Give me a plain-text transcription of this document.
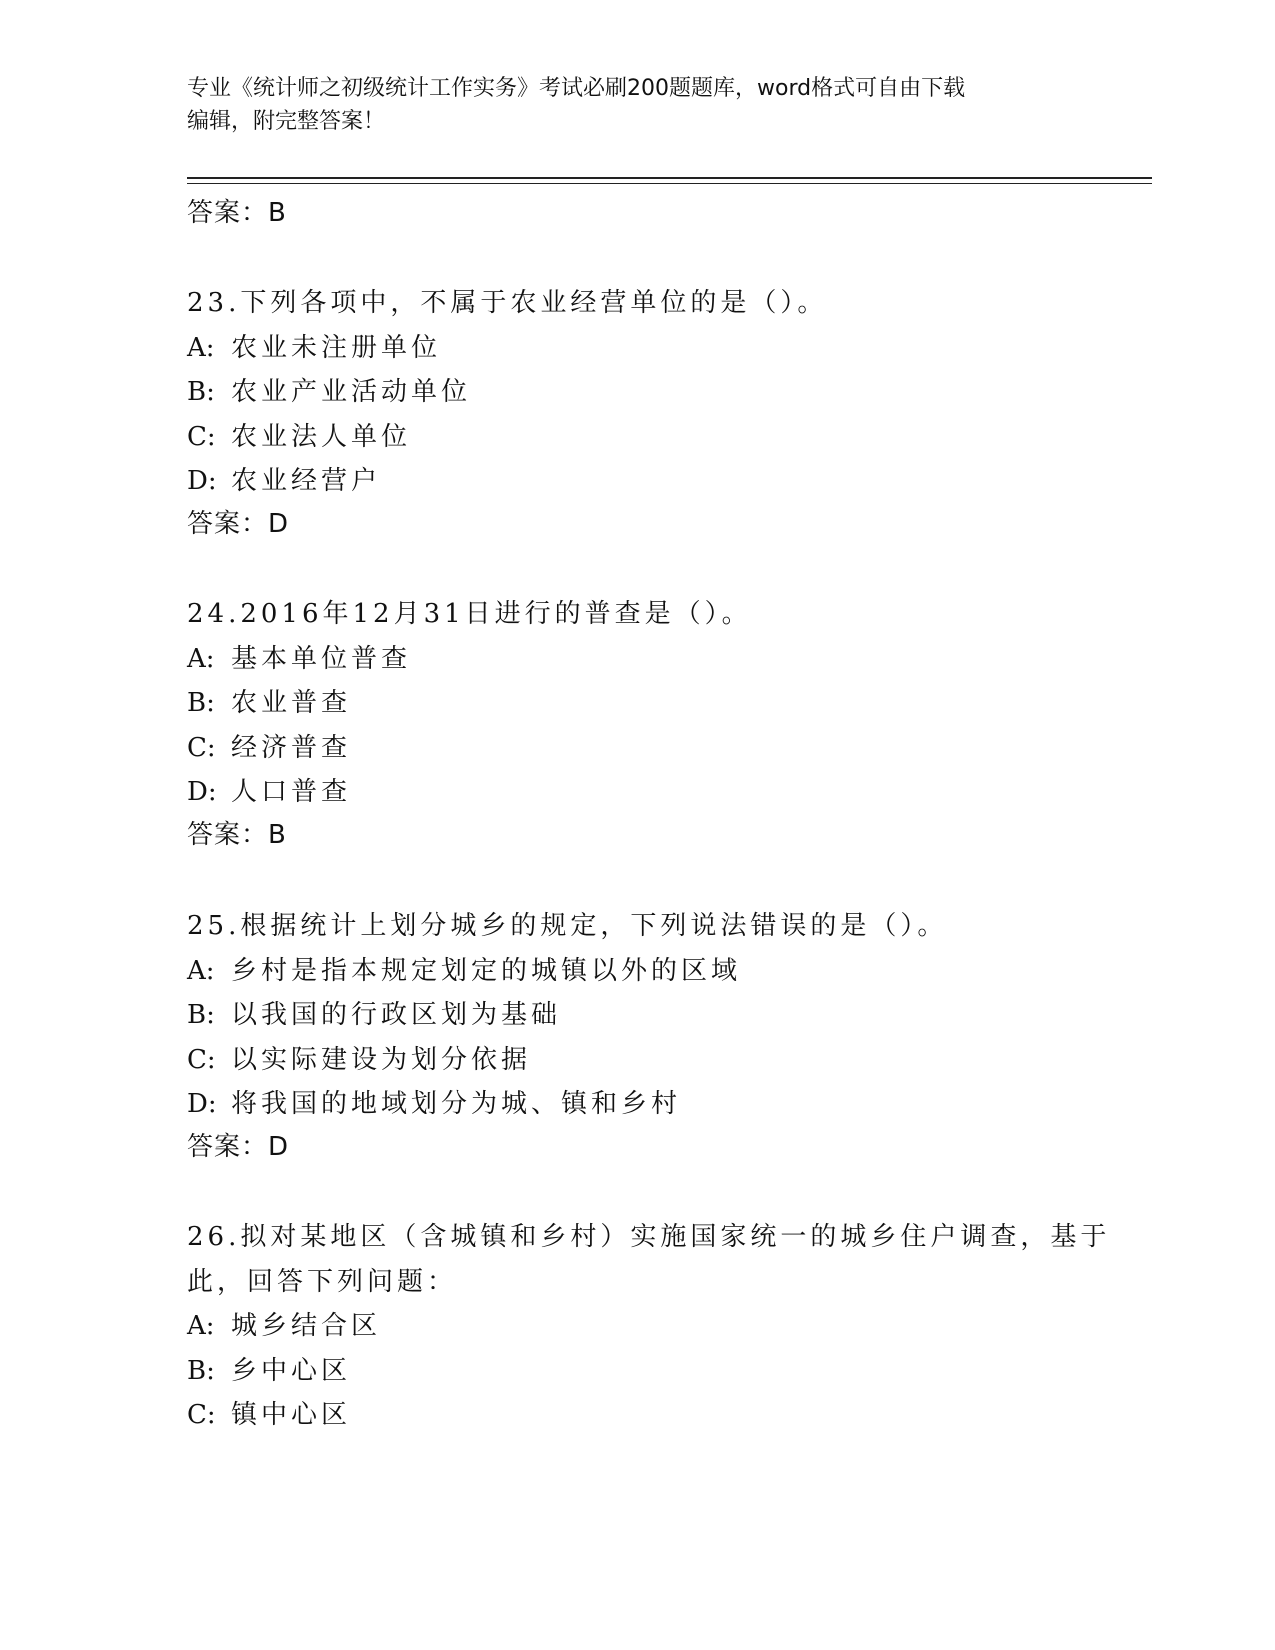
专业《统计师之初级统计工作实务》考试必刷200题题库，word格式可自由下载
编辑，附完整答案！
答案：B
23.下列各项中，不属于农业经营单位的是（）。
A: 农业未注册单位
B: 农业产业活动单位
C: 农业法人单位
D: 农业经营户
答案：D
24.2016年12月31日进行的普查是（）。
A: 基本单位普查
B: 农业普查
C: 经济普查
D: 人口普查
答案：B
25.根据统计上划分城乡的规定，下列说法错误的是（）。
A: 乡村是指本规定划定的城镇以外的区域
B: 以我国的行政区划为基础
C: 以实际建设为划分依据
D: 将我国的地域划分为城、镇和乡村
答案：D
26.拟对某地区（含城镇和乡村）实施国家统一的城乡住户调查，基于
此，回答下列问题：
A: 城乡结合区
B: 乡中心区
C: 镇中心区
